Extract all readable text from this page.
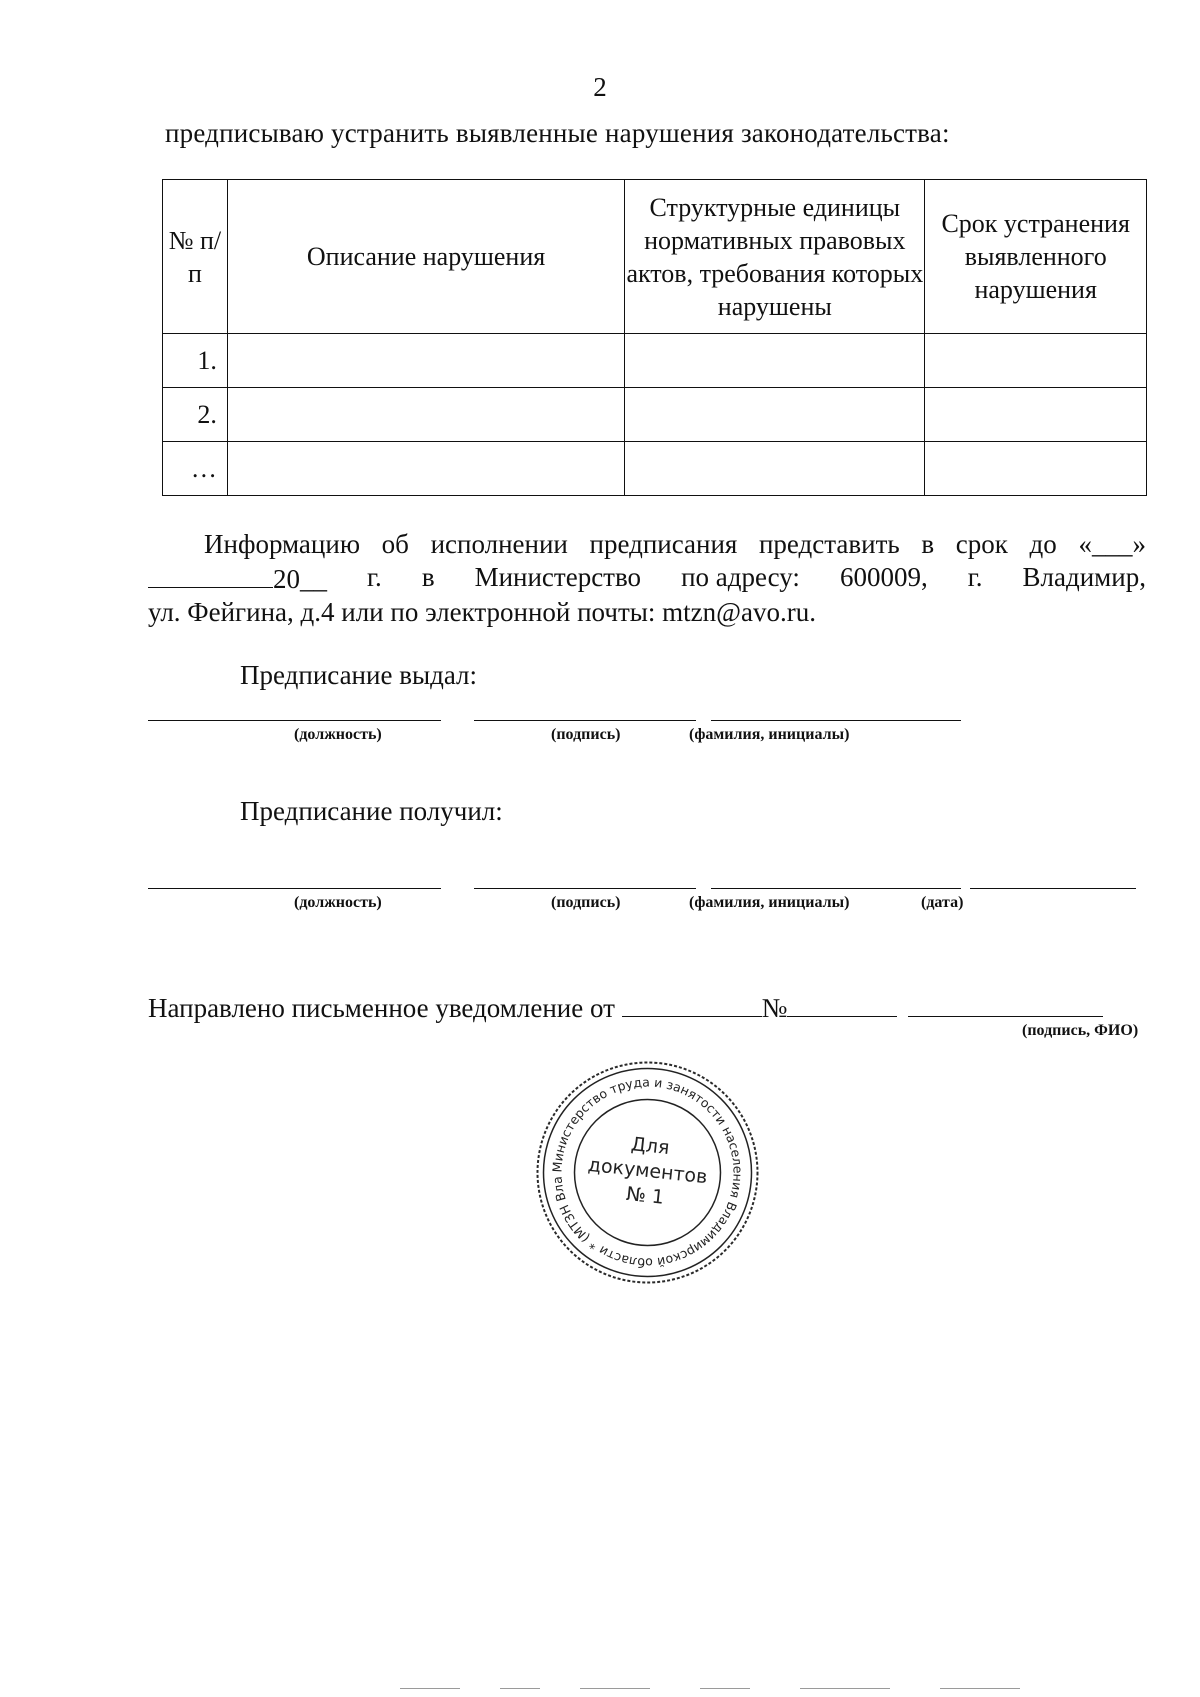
2
предписываю устранить выявленные нарушения законодательства:
№ п/п	Описание нарушения	Структурные единицы нормативных правовых актов, требования которых нарушены	Срок устранения выявленного нарушения
1.			
2.			
…			
Информацию об исполнении предписания представить в срок до «___»
20__ г. в Министерство по адресу: 600009, г. Владимир,
ул. Фейгина, д.4 или по электронной почты: mtzn@avo.ru.
Предписание выдал:
(должность)	(подпись)	(фамилия, инициалы)
Предписание получил:
(должность)	(подпись)	(фамилия, инициалы)	(дата)
Направлено письменное уведомление от	№
(подпись, ФИО)
Министерство труда и занятости населения Владимирской области * (МТЗН Вла
Для
документов
№ 1
